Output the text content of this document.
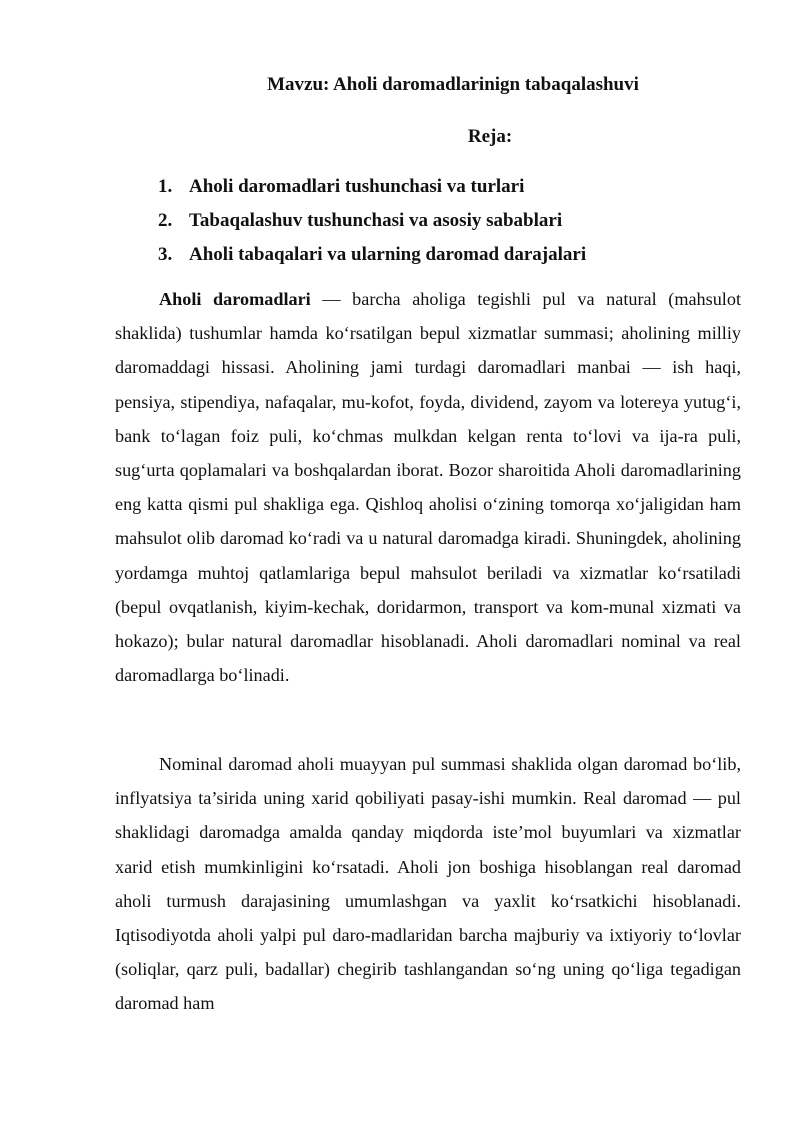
Mavzu: Aholi daromadlarinign tabaqalashuvi
Reja:
1. Aholi daromadlari tushunchasi va turlari
2. Tabaqalashuv tushunchasi va asosiy sabablari
3. Aholi tabaqalari va ularning daromad darajalari

Aholi daromadlari — barcha aholiga tegishli pul va natural (mahsulot shaklida) tushumlar hamda koʻrsatilgan bepul xizmatlar summasi; aholining milliy daromaddagi hissasi. Aholining jami turdagi daromadlari manbai — ish haqi, pensiya, stipendiya, nafaqalar, mu-kofot, foyda, dividend, zayom va lotereya yutugʻi, bank toʻlagan foiz puli, koʻchmas mulkdan kelgan renta toʻlovi va ija-ra puli, sugʻurta qoplamalari va boshqalardan iborat. Bozor sharoitida Aholi daromadlarining eng katta qismi pul shakliga ega. Qishloq aholisi oʻzining tomorqa xoʻjaligidan ham mahsulot olib daromad koʻradi va u natural daromadga kiradi. Shuningdek, aholining yordamga muhtoj qatlamlariga bepul mahsulot beriladi va xizmatlar koʻrsatiladi (bepul ovqatlanish, kiyim-kechak, doridarmon, transport va kom-munal xizmati va hokazo); bular natural daromadlar hisoblanadi. Aholi daromadlari nominal va real daromadlarga boʻlinadi.

Nominal daromad aholi muayyan pul summasi shaklida olgan daromad boʻlib, inflyatsiya ta’sirida uning xarid qobiliyati pasay-ishi mumkin. Real daromad — pul shaklidagi daromadga amalda qanday miqdorda iste’mol buyumlari va xizmatlar xarid etish mumkinligini koʻrsatadi. Aholi jon boshiga hisoblangan real daromad aholi turmush darajasining umumlashgan va yaxlit koʻrsatkichi hisoblanadi. Iqtisodiyotda aholi yalpi pul daro-madlaridan barcha majburiy va ixtiyoriy toʻlovlar (soliqlar, qarz puli, badallar) chegirib tashlangandan soʻng uning qoʻliga tegadigan daromad ham
